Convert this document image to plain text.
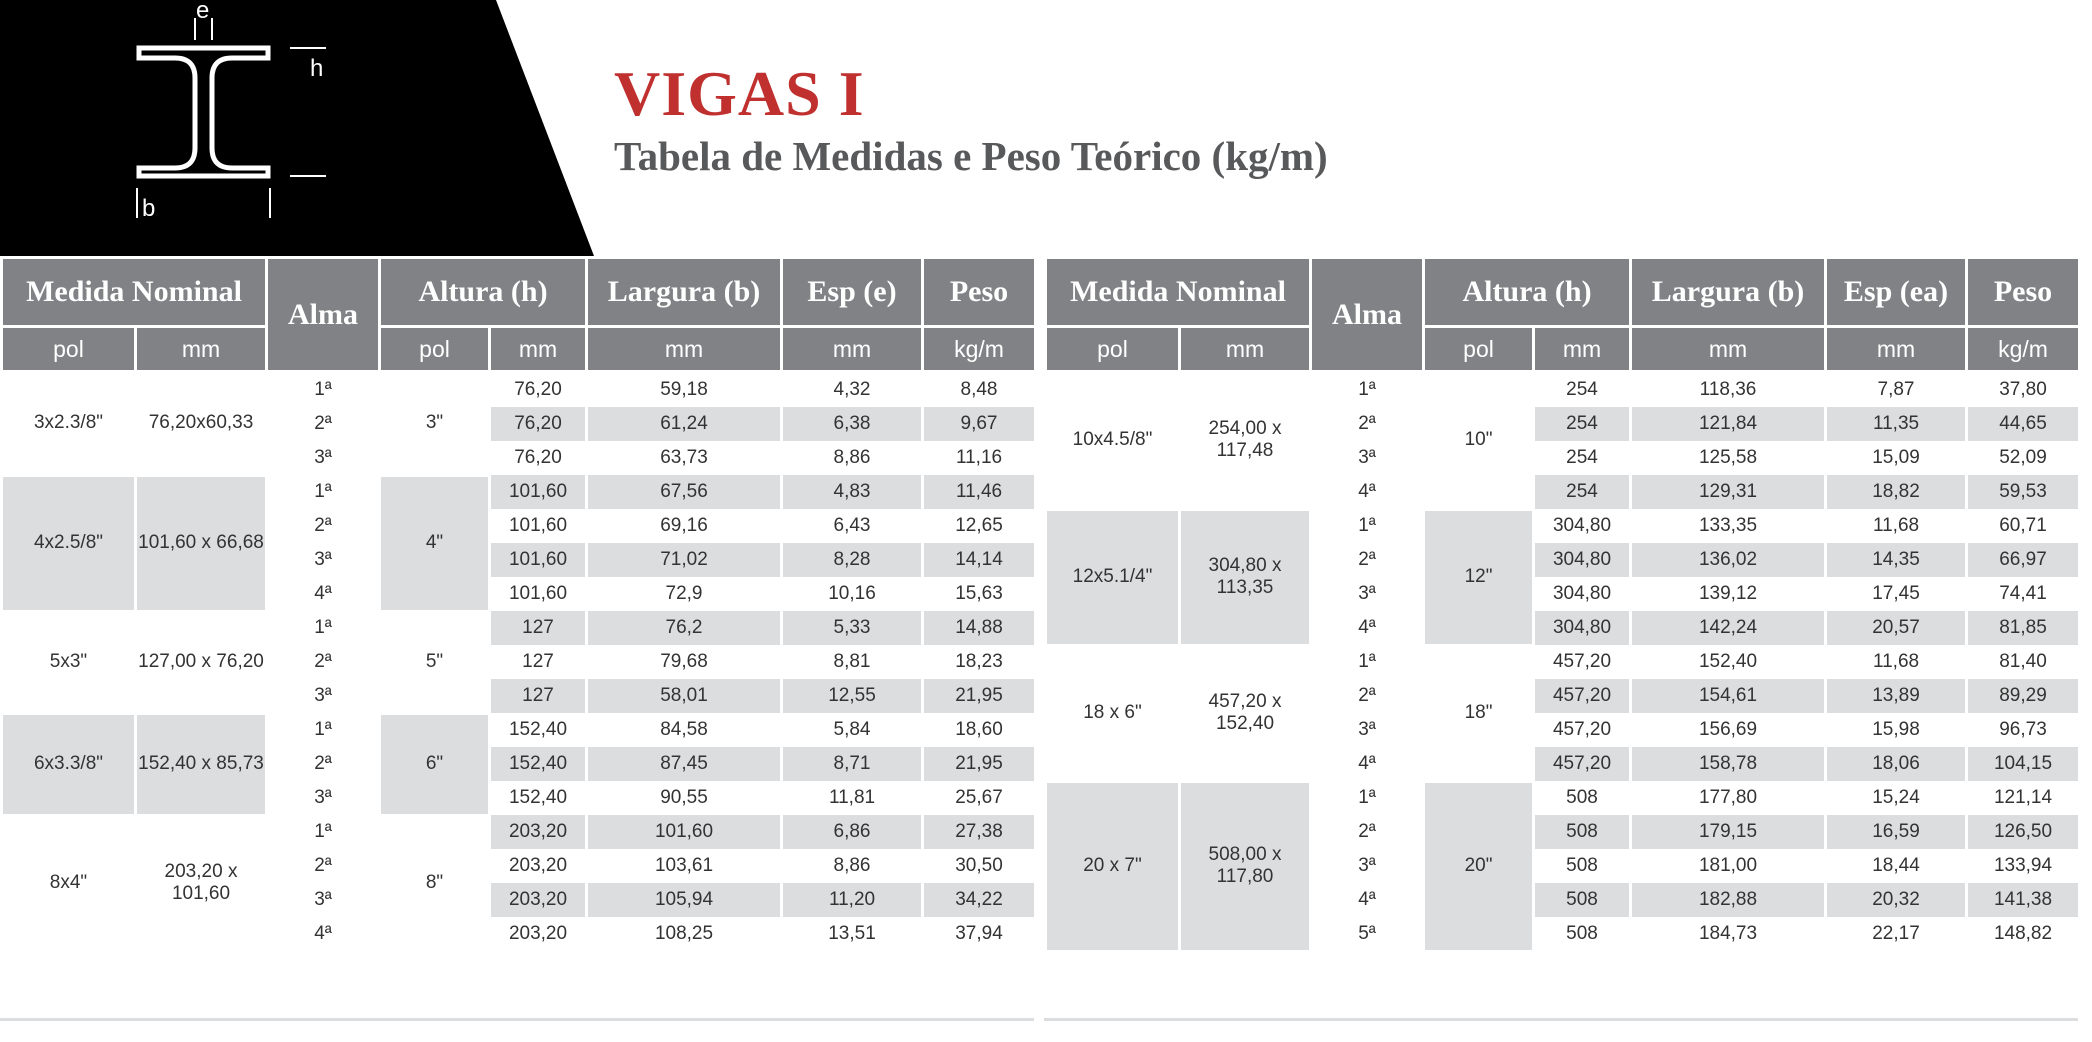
e
h
b
VIGAS I
Tabela de Medidas e Peso Teórico (kg/m)
Medida Nominal		Alma	Altura (h)		Largura (b)	Esp (e)	Peso
pol	mm		pol	mm	mm	mm	kg/m
3x2.3/8"	76,20x60,33	1ª	3"	76,20	59,18	4,32	8,48
		2ª		76,20	61,24	6,38	9,67
		3ª		76,20	63,73	8,86	11,16
4x2.5/8"	101,60 x 66,68	1ª	4"	101,60	67,56	4,83	11,46
		2ª		101,60	69,16	6,43	12,65
		3ª		101,60	71,02	8,28	14,14
		4ª		101,60	72,9	10,16	15,63
5x3"	127,00 x 76,20	1ª	5"	127	76,2	5,33	14,88
		2ª		127	79,68	8,81	18,23
		3ª		127	58,01	12,55	21,95
6x3.3/8"	152,40 x 85,73	1ª	6"	152,40	84,58	5,84	18,60
		2ª		152,40	87,45	8,71	21,95
		3ª		152,40	90,55	11,81	25,67
8x4"	203,20 x 101,60	1ª	8"	203,20	101,60	6,86	27,38
		2ª		203,20	103,61	8,86	30,50
		3ª		203,20	105,94	11,20	34,22
		4ª		203,20	108,25	13,51	37,94
Medida Nominal		Alma	Altura (h)		Largura (b)	Esp (ea)	Peso
pol	mm		pol	mm	mm	mm	kg/m
10x4.5/8"	254,00 x 117,48	1ª	10"	254	118,36	7,87	37,80
		2ª		254	121,84	11,35	44,65
		3ª		254	125,58	15,09	52,09
		4ª		254	129,31	18,82	59,53
12x5.1/4"	304,80 x 113,35	1ª	12"	304,80	133,35	11,68	60,71
		2ª		304,80	136,02	14,35	66,97
		3ª		304,80	139,12	17,45	74,41
		4ª		304,80	142,24	20,57	81,85
18 x 6"	457,20 x 152,40	1ª	18"	457,20	152,40	11,68	81,40
		2ª		457,20	154,61	13,89	89,29
		3ª		457,20	156,69	15,98	96,73
		4ª		457,20	158,78	18,06	104,15
20 x 7"	508,00 x 117,80	1ª	20"	508	177,80	15,24	121,14
		2ª		508	179,15	16,59	126,50
		3ª		508	181,00	18,44	133,94
		4ª		508	182,88	20,32	141,38
		5ª		508	184,73	22,17	148,82
